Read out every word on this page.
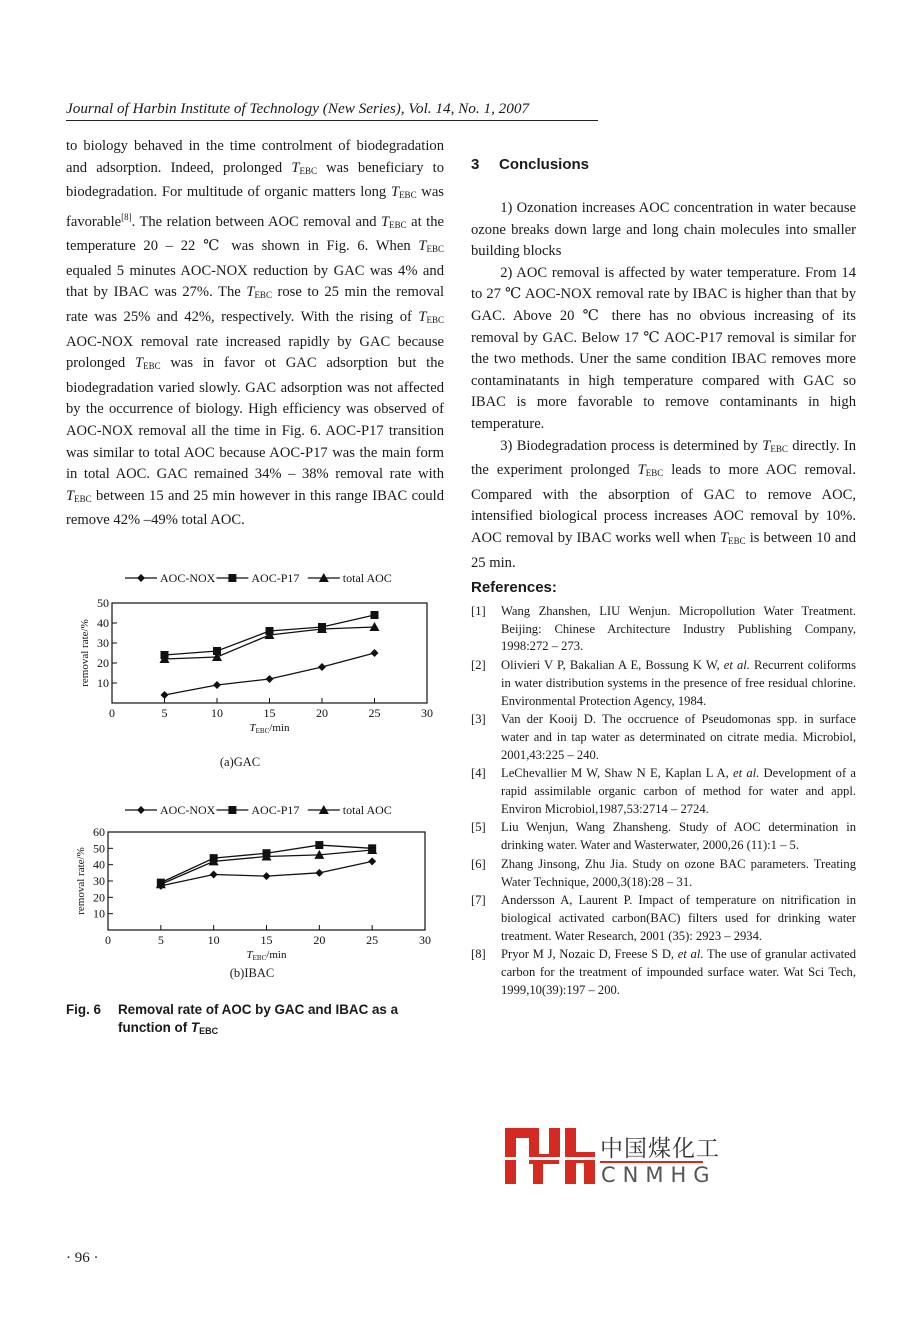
Journal of Harbin Institute of Technology (New Series), Vol. 14, No. 1, 2007

to biology behaved in the time controlment of biodegradation and adsorption. Indeed, prolonged $T_{EBC}$ was beneficiary to biodegradation. For multitude of organic matters long $T_{EBC}$ was favorable[8]. The relation between AOC removal and $T_{EBC}$ at the temperature 20 – 22 ℃ was shown in Fig. 6. When $T_{EBC}$ equaled 5 minutes AOC-NOX reduction by GAC was 4% and that by IBAC was 27%. The $T_{EBC}$ rose to 25 min the removal rate was 25% and 42%, respectively. With the rising of $T_{EBC}$ AOC-NOX removal rate increased rapidly by GAC because prolonged $T_{EBC}$ was in favor ot GAC adsorption but the biodegradation varied slowly. GAC adsorption was not affected by the occurrence of biology. High efficiency was observed of AOC-NOX removal all the time in Fig. 6. AOC-P17 transition was similar to total AOC because AOC-P17 was the main form in total AOC. GAC remained 34% – 38% removal rate with $T_{EBC}$ between 15 and 25 min however in this range IBAC could remove 42% –49% total AOC.

AOC-NOX	AOC-P17	total AOC
0	5	10	15	20	25	30
10
20
30
40
50
removal rate/%
TEBC/min
(a)GAC
AOC-NOX	AOC-P17	total AOC
0	5	10	15	20	25	30
10
20
30
40
50
60
removal rate/%
TEBC/min
(b)IBAC
Fig. 6 Removal rate of AOC by GAC and IBAC as a function of $T_{EBC}$
3 Conclusions

1) Ozonation increases AOC concentration in water because ozone breaks down large and long chain molecules into smaller building blocks

2) AOC removal is affected by water temperature. From 14 to 27 ℃ AOC-NOX removal rate by IBAC is higher than that by GAC. Above 20 ℃ there has no obvious increasing of its removal by GAC. Below 17 ℃ AOC-P17 removal is similar for the two methods. Uner the same condition IBAC removes more contaminatants in high temperature compared with GAC so IBAC is more favorable to remove contaminants in high temperature.

3) Biodegradation process is determined by $T_{EBC}$ directly. In the experiment prolonged $T_{EBC}$ leads to more AOC removal. Compared with the absorption of GAC to remove AOC, intensified biological process increases AOC removal by 10%. AOC removal by IBAC works well when $T_{EBC}$ is between 10 and 25 min.

References:
[1] Wang Zhanshen, LIU Wenjun. Micropollution Water Treatment. Beijing: Chinese Architecture Industry Publishing Company, 1998:272 – 273.
[2] Olivieri V P, Bakalian A E, Bossung K W, et al. Recurrent coliforms in water distribution systems in the presence of free residual chlorine. Environmental Protection Agency, 1984.
[3] Van der Kooij D. The occruence of Pseudomonas spp. in surface water and in tap water as determinated on citrate media. Microbiol, 2001,43:225 – 240.
[4] LeChevallier M W, Shaw N E, Kaplan L A, et al. Development of a rapid assimilable organic carbon of method for water and appl. Environ Microbiol,1987,53:2714 – 2724.
[5] Liu Wenjun, Wang Zhansheng. Study of AOC determination in drinking water. Water and Wasterwater, 2000,26 (11):1 – 5.
[6] Zhang Jinsong, Zhu Jia. Study on ozone BAC parameters. Treating Water Technique, 2000,3(18):28 – 31.
[7] Andersson A, Laurent P. Impact of temperature on nitrification in biological activated carbon(BAC) filters used for drinking water treatment. Water Research, 2001 (35): 2923 – 2934.
[8] Pryor M J, Nozaic D, Freese S D, et al. The use of granular activated carbon for the treatment of impounded surface water. Wat Sci Tech, 1999,10(39):197 – 200.
中国煤化工
CNMHG
· 96 ·
